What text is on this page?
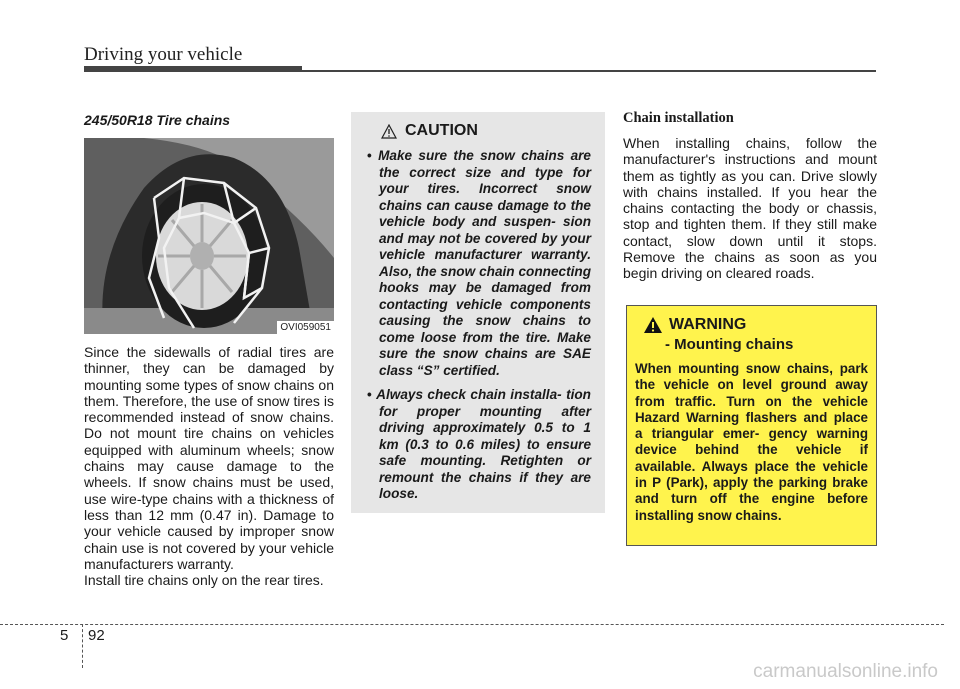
Driving your vehicle
245/50R18 Tire chains
OVI059051

Since the sidewalls of radial tires are thinner, they can be damaged by mounting some types of snow chains on them. Therefore, the use of snow tires is recommended instead of snow chains. Do not mount tire chains on vehicles equipped with aluminum wheels; snow chains may cause damage to the wheels. If snow chains must be used, use wire-type chains with a thickness of less than 12 mm (0.47 in). Damage to your vehicle caused by improper snow chain use is not covered by your vehicle manufacturers warranty.

Install tire chains only on the rear tires.

CAUTION
• Make sure the snow chains are the correct size and type for your tires. Incorrect snow chains can cause damage to the vehicle body and suspen- sion and may not be covered by your vehicle manufacturer warranty. Also, the snow chain connecting hooks may be damaged from contacting vehicle components causing the snow chains to come loose from the tire. Make sure the snow chains are SAE class “S” certified.
• Always check chain installa- tion for proper mounting after driving approximately 0.5 to 1 km (0.3 to 0.6 miles) to ensure safe mounting. Retighten or remount the chains if they are loose.
Chain installation

When installing chains, follow the manufacturer's instructions and mount them as tightly as you can. Drive slowly with chains installed. If you hear the chains contacting the body or chassis, stop and tighten them. If they still make contact, slow down until it stops. Remove the chains as soon as you begin driving on cleared roads.

WARNING
- Mounting chains

When mounting snow chains, park the vehicle on level ground away from traffic. Turn on the vehicle Hazard Warning flashers and place a triangular emer- gency warning device behind the vehicle if available. Always place the vehicle in P (Park), apply the parking brake and turn off the engine before installing snow chains.

5 92
carmanualsonline.info
